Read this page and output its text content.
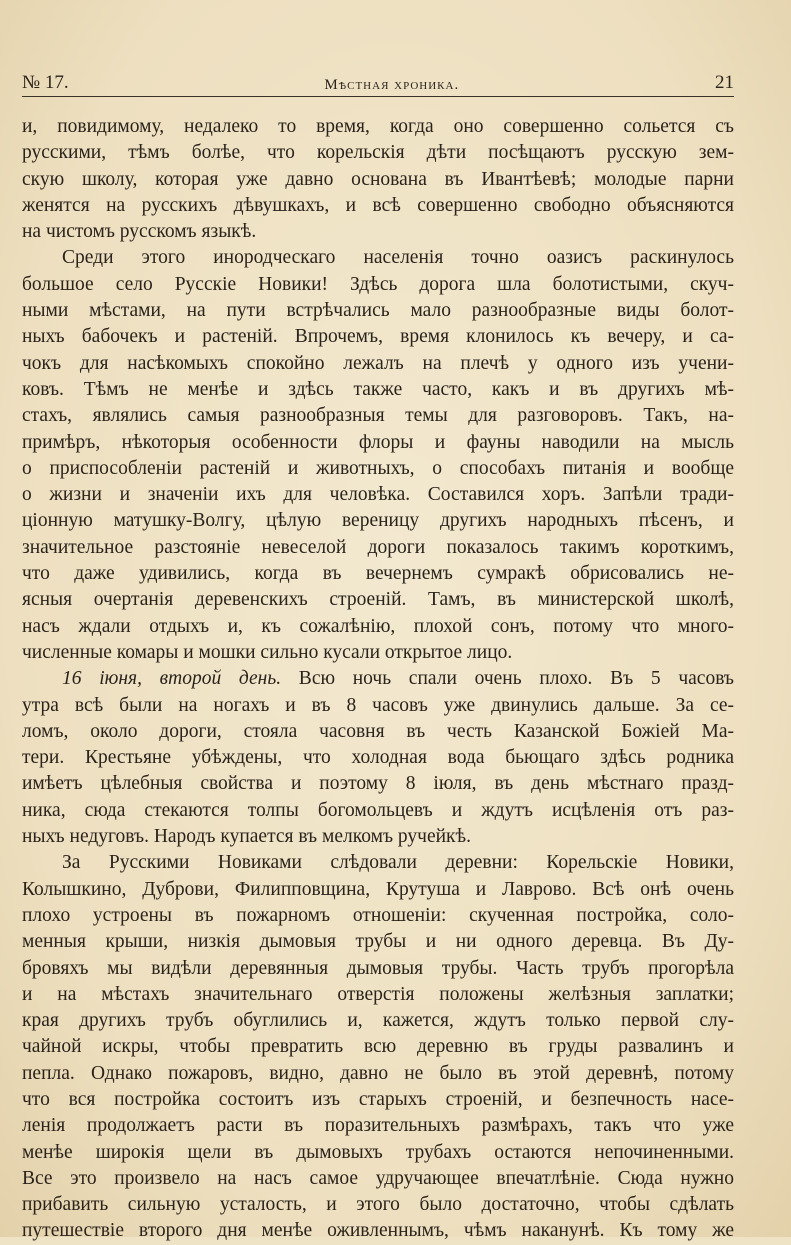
№ 17.	Мѣстная хроника.	21
и, повидимому, недалеко то время, когда оно совершенно сольется съ
русскими, тѣмъ болѣе, что корельскія дѣти посѣщаютъ русскую зем-
скую школу, которая уже давно основана въ Ивантѣевѣ; молодые парни
женятся на русскихъ дѣвушкахъ, и всѣ совершенно свободно объясняются
на чистомъ русскомъ языкѣ.
Среди этого инородческаго населенія точно оазисъ раскинулось
большое село Русскіе Новики! Здѣсь дорога шла болотистыми, скуч-
ными мѣстами, на пути встрѣчались мало разнообразные виды болот-
ныхъ бабочекъ и растеній. Впрочемъ, время клонилось къ вечеру, и са-
чокъ для насѣкомыхъ спокойно лежалъ на плечѣ у одного изъ учени-
ковъ. Тѣмъ не менѣе и здѣсь также часто, какъ и въ другихъ мѣ-
стахъ, являлись самыя разнообразныя темы для разговоровъ. Такъ, на-
примѣръ, нѣкоторыя особенности флоры и фауны наводили на мысль
о приспособленіи растеній и животныхъ, о способахъ питанія и вообще
о жизни и значеніи ихъ для человѣка. Составился хоръ. Запѣли тради-
ціонную матушку-Волгу, цѣлую вереницу другихъ народныхъ пѣсенъ, и
значительное разстояніе невеселой дороги показалось такимъ короткимъ,
что даже удивились, когда въ вечернемъ сумракѣ обрисовались не-
ясныя очертанія деревенскихъ строеній. Тамъ, въ министерской школѣ,
насъ ждали отдыхъ и, къ сожалѣнію, плохой сонъ, потому что много-
численные комары и мошки сильно кусали открытое лицо.
16 іюня, второй день. Всю ночь спали очень плохо. Въ 5 часовъ
утра всѣ были на ногахъ и въ 8 часовъ уже двинулись дальше. За се-
ломъ, около дороги, стояла часовня въ честь Казанской Божіей Ма-
тери. Крестьяне убѣждены, что холодная вода бьющаго здѣсь родника
имѣетъ цѣлебныя свойства и поэтому 8 іюля, въ день мѣстнаго празд-
ника, сюда стекаются толпы богомольцевъ и ждутъ исцѣленія отъ раз-
ныхъ недуговъ. Народъ купается въ мелкомъ ручейкѣ.
За Русскими Новиками слѣдовали деревни: Корельскіе Новики,
Колышкино, Дуброви, Филипповщина, Крутуша и Лаврово. Всѣ онѣ очень
плохо устроены въ пожарномъ отношеніи: скученная постройка, соло-
менныя крыши, низкія дымовыя трубы и ни одного деревца. Въ Ду-
бровяхъ мы видѣли деревянныя дымовыя трубы. Часть трубъ прогорѣла
и на мѣстахъ значительнаго отверстія положены желѣзныя заплатки;
края другихъ трубъ обуглились и, кажется, ждутъ только первой слу-
чайной искры, чтобы превратить всю деревню въ груды развалинъ и
пепла. Однако пожаровъ, видно, давно не было въ этой деревнѣ, потому
что вся постройка состоитъ изъ старыхъ строеній, и безпечность насе-
ленія продолжаетъ расти въ поразительныхъ размѣрахъ, такъ что уже
менѣе широкія щели въ дымовыхъ трубахъ остаются непочиненными.
Все это произвело на насъ самое удручающее впечатлѣніе. Сюда нужно
прибавить сильную усталость, и этого было достаточно, чтобы сдѣлать
путешествіе второго дня менѣе оживленнымъ, чѣмъ наканунѣ. Къ тому же
